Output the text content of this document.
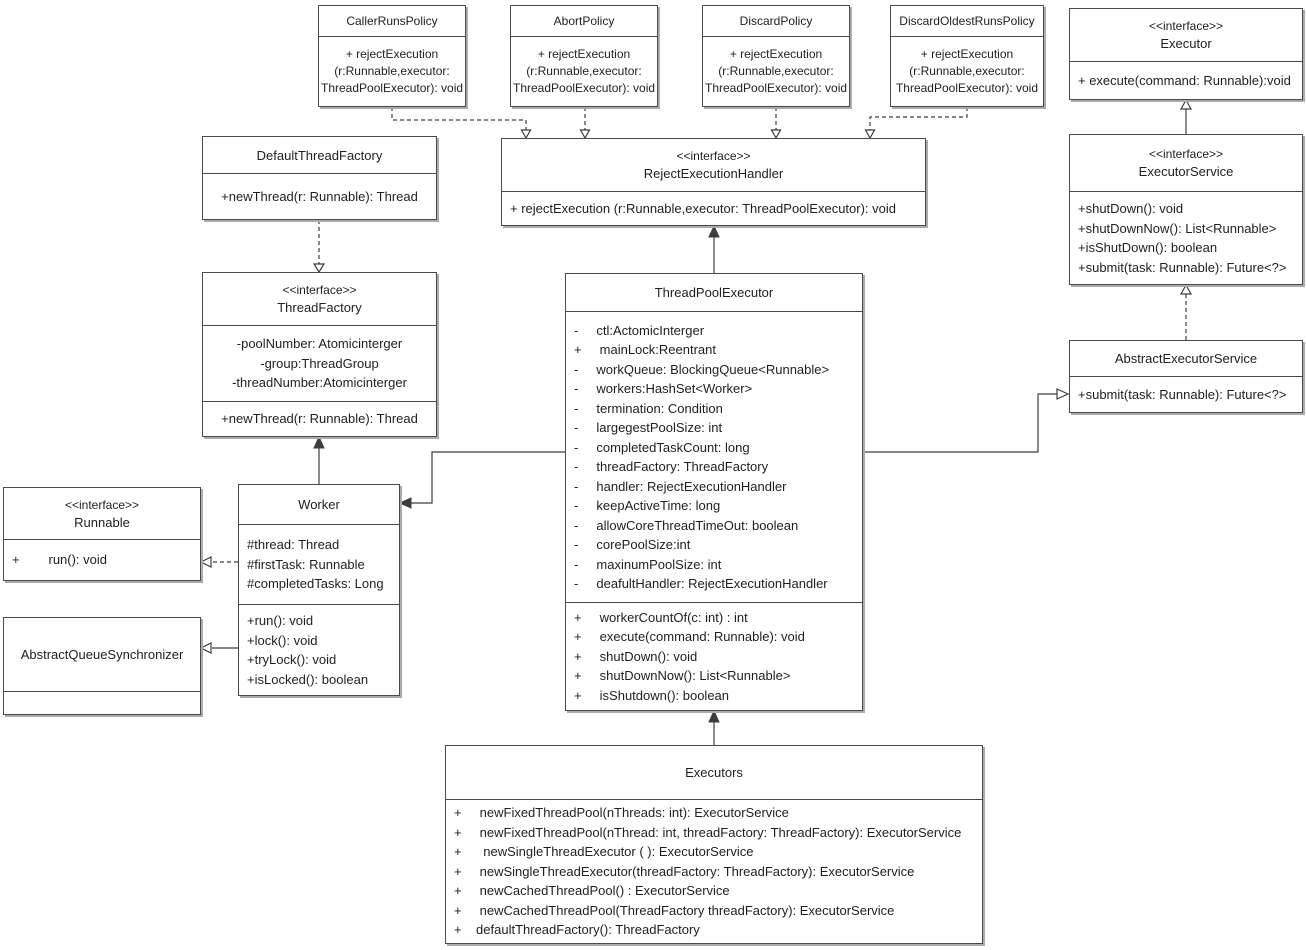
CallerRunsPolicy
+ rejectExecution
(r:Runnable,executor:
ThreadPoolExecutor): void
AbortPolicy
+ rejectExecution
(r:Runnable,executor:
ThreadPoolExecutor): void
DiscardPolicy
+ rejectExecution
(r:Runnable,executor:
ThreadPoolExecutor): void
DiscardOldestRunsPolicy
+ rejectExecution
(r:Runnable,executor:
ThreadPoolExecutor): void
<<interface>>
Executor
+ execute(command: Runnable):void
DefaultThreadFactory
+newThread(r: Runnable): Thread
<<interface>>
RejectExecutionHandler
+ rejectExecution (r:Runnable,executor: ThreadPoolExecutor): void
<<interface>>
ExecutorService
+shutDown(): void
+shutDownNow(): List<Runnable>
+isShutDown(): boolean
+submit(task: Runnable): Future<?>
<<interface>>
ThreadFactory
-poolNumber: Atomicinterger
-group:ThreadGroup
-threadNumber:Atomicinterger
+newThread(r: Runnable): Thread
ThreadPoolExecutor
-     ctl:ActomicInterger
+     mainLock:Reentrant
-     workQueue: BlockingQueue<Runnable>
-     workers:HashSet<Worker>
-     termination: Condition
-     largegestPoolSize: int
-     completedTaskCount: long
-     threadFactory: ThreadFactory
-     handler: RejectExecutionHandler
-     keepActiveTime: long
-     allowCoreThreadTimeOut: boolean
-     corePoolSize:int
-     maxinumPoolSize: int
-     deafultHandler: RejectExecutionHandler
+     workerCountOf(c: int) : int
+     execute(command: Runnable): void
+     shutDown(): void
+     shutDownNow(): List<Runnable>
+     isShutdown(): boolean
AbstractExecutorService
+submit(task: Runnable): Future<?>
<<interface>>
Runnable
+        run(): void
Worker
#thread: Thread
#firstTask: Runnable
#completedTasks: Long
+run(): void
+lock(): void
+tryLock(): void
+isLocked(): boolean
AbstractQueueSynchronizer
Executors
+     newFixedThreadPool(nThreads: int): ExecutorService
+     newFixedThreadPool(nThread: int, threadFactory: ThreadFactory): ExecutorService
+      newSingleThreadExecutor ( ): ExecutorService
+     newSingleThreadExecutor(threadFactory: ThreadFactory): ExecutorService
+     newCachedThreadPool() : ExecutorService
+     newCachedThreadPool(ThreadFactory threadFactory): ExecutorService
+    defaultThreadFactory(): ThreadFactory
